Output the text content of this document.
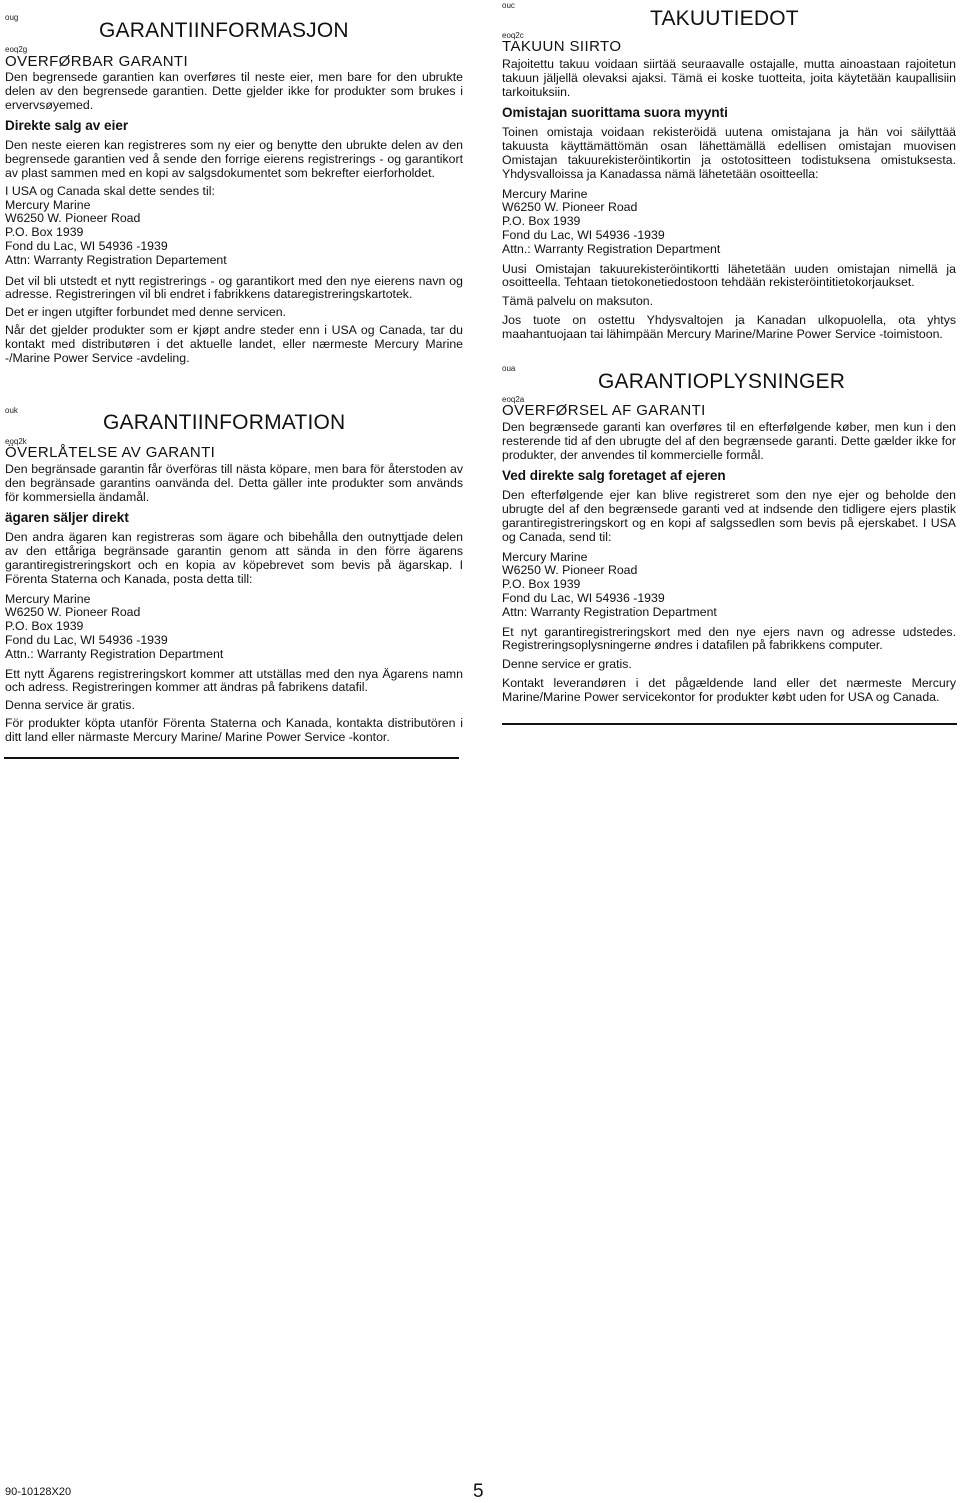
oug
GARANTIINFORMASJON
eoq2g
OVERFØRBAR GARANTI

Den begrensede garantien kan overføres til neste eier, men bare for den ubrukte delen av den begrensede garantien. Dette gjelder ikke for produkter som brukes i ervervsøyemed.

Direkte salg av eier

Den neste eieren kan registreres som ny eier og benytte den ubrukte delen av den begrensede garantien ved å sende den forrige eierens registrerings - og garantikort av plast sammen med en kopi av salgsdokumentet som bekrefter eierforholdet.

I USA og Canada skal dette sendes til:

Mercury Marine

W6250 W. Pioneer Road

P.O. Box 1939

Fond du Lac, WI 54936 -1939

Attn: Warranty Registration Departement

Det vil bli utstedt et nytt registrerings - og garantikort med den nye eierens navn og adresse. Registreringen vil bli endret i fabrikkens dataregistreringskartotek.

Det er ingen utgifter forbundet med denne servicen.

Når det gjelder produkter som er kjøpt andre steder enn i USA og Canada, tar du kontakt med distributøren i det aktuelle landet, eller nærmeste Mercury Marine -/Marine Power Service -avdeling.

ouk
GARANTIINFORMATION
eoq2k
ÖVERLÅTELSE AV GARANTI

Den begränsade garantin får överföras till nästa köpare, men bara för återstoden av den begränsade garantins oanvända del. Detta gäller inte produkter som används för kommersiella ändamål.

ägaren säljer direkt

Den andra ägaren kan registreras som ägare och bibehålla den outnyttjade delen av den ettåriga begränsade garantin genom att sända in den förre ägarens garantiregistreringskort och en kopia av köpebrevet som bevis på ägarskap. I Förenta Staterna och Kanada, posta detta till:

Mercury Marine

W6250 W. Pioneer Road

P.O. Box 1939

Fond du Lac, WI 54936 -1939

Attn.: Warranty Registration Department

Ett nytt Ägarens registreringskort kommer att utställas med den nya Ägarens namn och adress. Registreringen kommer att ändras på fabrikens datafil.

Denna service är gratis.

För produkter köpta utanför Förenta Staterna och Kanada, kontakta distributören i ditt land eller närmaste Mercury Marine/ Marine Power Service -kontor.

ouc
TAKUUTIEDOT
eoq2c
TAKUUN SIIRTO

Rajoitettu takuu voidaan siirtää seuraavalle ostajalle, mutta ainoastaan rajoitetun takuun jäljellä olevaksi ajaksi. Tämä ei koske tuotteita, joita käytetään kaupallisiin tarkoituksiin.

Omistajan suorittama suora myynti

Toinen omistaja voidaan rekisteröidä uutena omistajana ja hän voi säilyttää takuusta käyttämättömän osan lähettämällä edellisen omistajan muovisen Omistajan takuurekisteröintikortin ja ostotositteen todistuksena omistuksesta. Yhdysvalloissa ja Kanadassa nämä lähetetään osoitteella:

Mercury Marine

W6250 W. Pioneer Road

P.O. Box 1939

Fond du Lac, WI 54936 -1939

Attn.: Warranty Registration Department

Uusi Omistajan takuurekisteröintikortti lähetetään uuden omistajan nimellä ja osoitteella. Tehtaan tietokonetiedostoon tehdään rekisteröintitietokorjaukset.

Tämä palvelu on maksuton.

Jos tuote on ostettu Yhdysvaltojen ja Kanadan ulkopuolella, ota yhtys maahantuojaan tai lähimpään Mercury Marine/Marine Power Service -toimistoon.

oua
GARANTIOPLYSNINGER
eoq2a
OVERFØRSEL AF GARANTI

Den begrænsede garanti kan overføres til en efterfølgende køber, men kun i den resterende tid af den ubrugte del af den begrænsede garanti. Dette gælder ikke for produkter, der anvendes til kommercielle formål.

Ved direkte salg foretaget af ejeren

Den efterfølgende ejer kan blive registreret som den nye ejer og beholde den ubrugte del af den begrænsede garanti ved at indsende den tidligere ejers plastik garantiregistreringskort og en kopi af salgssedlen som bevis på ejerskabet. I USA og Canada, send til:

Mercury Marine

W6250 W. Pioneer Road

P.O. Box 1939

Fond du Lac, WI 54936 -1939

Attn: Warranty Registration Department

Et nyt garantiregistreringskort med den nye ejers navn og adresse udstedes. Registreringsoplysningerne øndres i datafilen på fabrikkens computer.

Denne service er gratis.

Kontakt leverandøren i det pågældende land eller det nærmeste Mercury Marine/Marine Power servicekontor for produkter købt uden for USA og Canada.

90-10128X20	5
